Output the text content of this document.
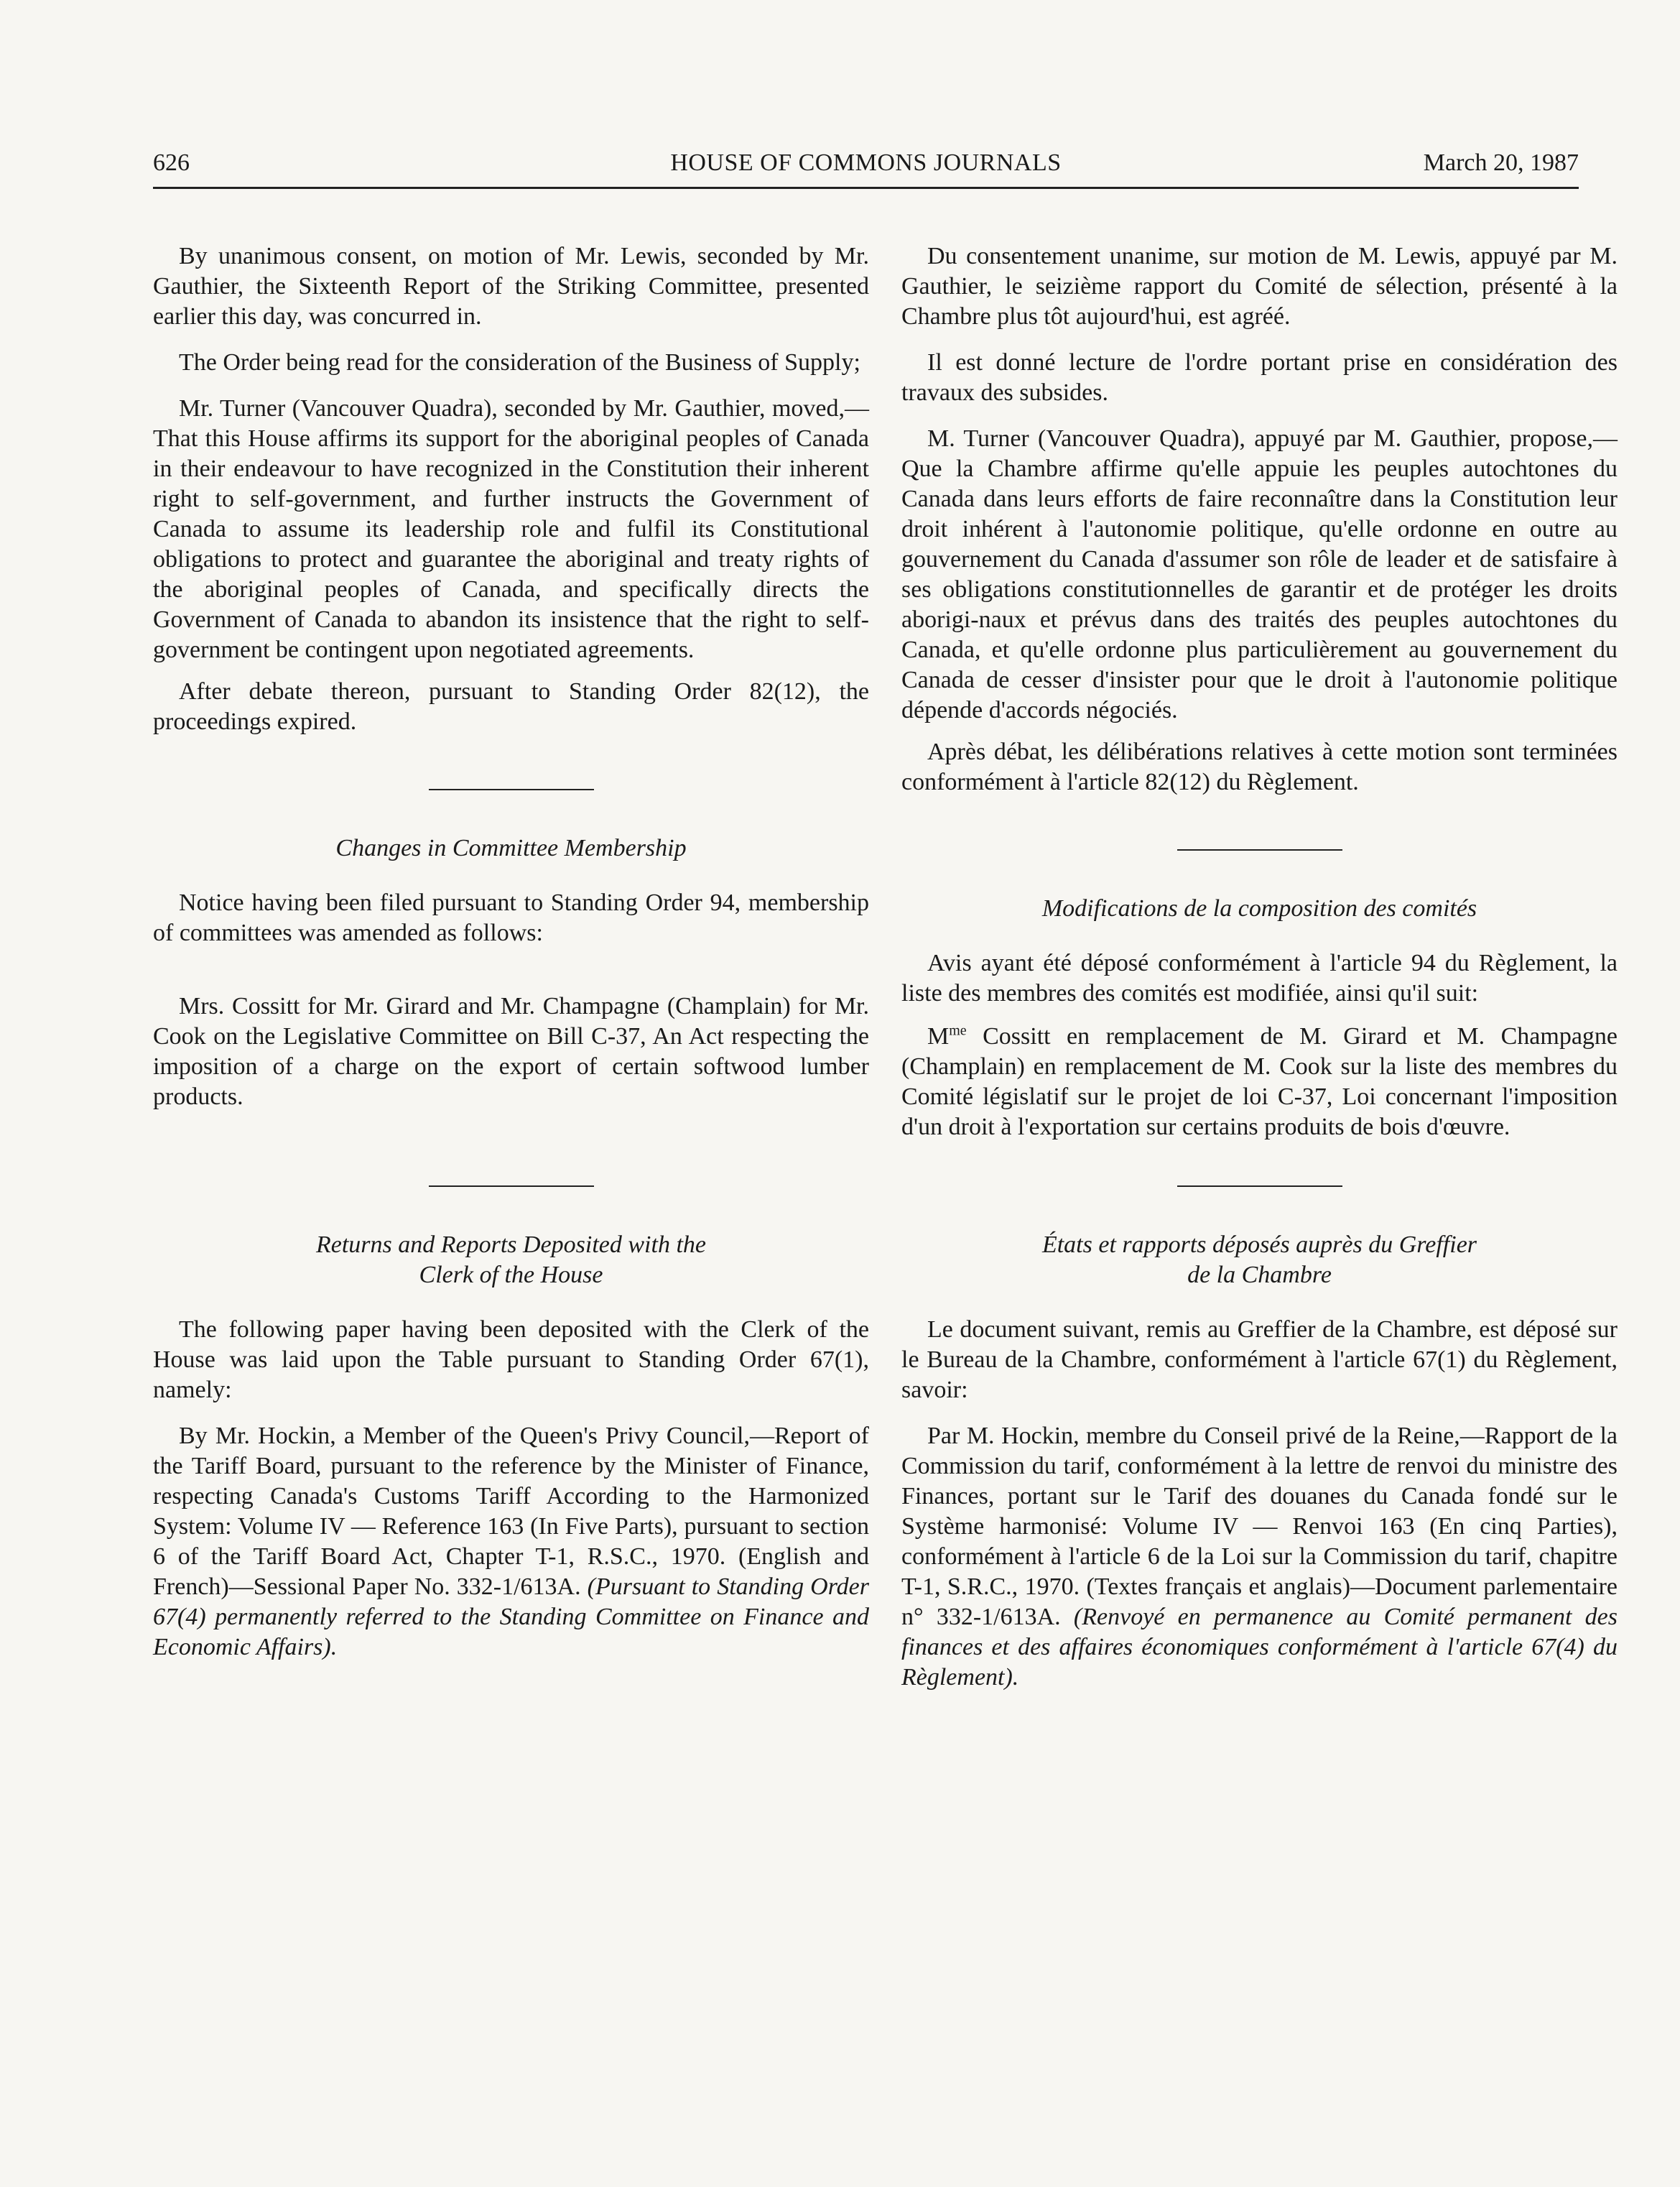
626	HOUSE OF COMMONS JOURNALS	March 20, 1987

By unanimous consent, on motion of Mr. Lewis, seconded by Mr. Gauthier, the Sixteenth Report of the Striking Committee, presented earlier this day, was concurred in.

The Order being read for the consideration of the Business of Supply;

Mr. Turner (Vancouver Quadra), seconded by Mr. Gauthier, moved,—That this House affirms its support for the aboriginal peoples of Canada in their endeavour to have recognized in the Constitution their inherent right to self-government, and further instructs the Government of Canada to assume its leadership role and fulfil its Constitutional obligations to protect and guarantee the aboriginal and treaty rights of the aboriginal peoples of Canada, and specifically directs the Government of Canada to abandon its insistence that the right to self-government be contingent upon negotiated agreements.

After debate thereon, pursuant to Standing Order 82(12), the proceedings expired.

Changes in Committee Membership

Notice having been filed pursuant to Standing Order 94, membership of committees was amended as follows:

Mrs. Cossitt for Mr. Girard and Mr. Champagne (Champlain) for Mr. Cook on the Legislative Committee on Bill C-37, An Act respecting the imposition of a charge on the export of certain softwood lumber products.

Returns and Reports Deposited with the

Clerk of the House

The following paper having been deposited with the Clerk of the House was laid upon the Table pursuant to Standing Order 67(1), namely:

By Mr. Hockin, a Member of the Queen's Privy Council,—Report of the Tariff Board, pursuant to the reference by the Minister of Finance, respecting Canada's Customs Tariff According to the Harmonized System: Volume IV — Reference 163 (In Five Parts), pursuant to section 6 of the Tariff Board Act, Chapter T-1, R.S.C., 1970. (English and French)—Sessional Paper No. 332-1/613A. (Pursuant to Standing Order 67(4) permanently referred to the Standing Committee on Finance and Economic Affairs).

Du consentement unanime, sur motion de M. Lewis, appuyé par M. Gauthier, le seizième rapport du Comité de sélection, présenté à la Chambre plus tôt aujourd'hui, est agréé.

Il est donné lecture de l'ordre portant prise en considération des travaux des subsides.

M. Turner (Vancouver Quadra), appuyé par M. Gauthier, propose,—Que la Chambre affirme qu'elle appuie les peuples autochtones du Canada dans leurs efforts de faire reconnaître dans la Constitution leur droit inhérent à l'autonomie politique, qu'elle ordonne en outre au gouvernement du Canada d'assumer son rôle de leader et de satisfaire à ses obligations constitutionnelles de garantir et de protéger les droits aborigi-naux et prévus dans des traités des peuples autochtones du Canada, et qu'elle ordonne plus particulièrement au gouvernement du Canada de cesser d'insister pour que le droit à l'autonomie politique dépende d'accords négociés.

Après débat, les délibérations relatives à cette motion sont terminées conformément à l'article 82(12) du Règlement.

Modifications de la composition des comités

Avis ayant été déposé conformément à l'article 94 du Règlement, la liste des membres des comités est modifiée, ainsi qu'il suit:

$M^{me}$ Cossitt en remplacement de M. Girard et M. Champagne (Champlain) en remplacement de M. Cook sur la liste des membres du Comité législatif sur le projet de loi C-37, Loi concernant l'imposition d'un droit à l'exportation sur certains produits de bois d'œuvre.

États et rapports déposés auprès du Greffier

de la Chambre

Le document suivant, remis au Greffier de la Chambre, est déposé sur le Bureau de la Chambre, conformément à l'article 67(1) du Règlement, savoir:

Par M. Hockin, membre du Conseil privé de la Reine,—Rapport de la Commission du tarif, conformément à la lettre de renvoi du ministre des Finances, portant sur le Tarif des douanes du Canada fondé sur le Système harmonisé: Volume IV — Renvoi 163 (En cinq Parties), conformément à l'article 6 de la Loi sur la Commission du tarif, chapitre T-1, S.R.C., 1970. (Textes français et anglais)—Document parlementaire n° 332-1/613A. (Renvoyé en permanence au Comité permanent des finances et des affaires économiques conformément à l'article 67(4) du Règlement).
